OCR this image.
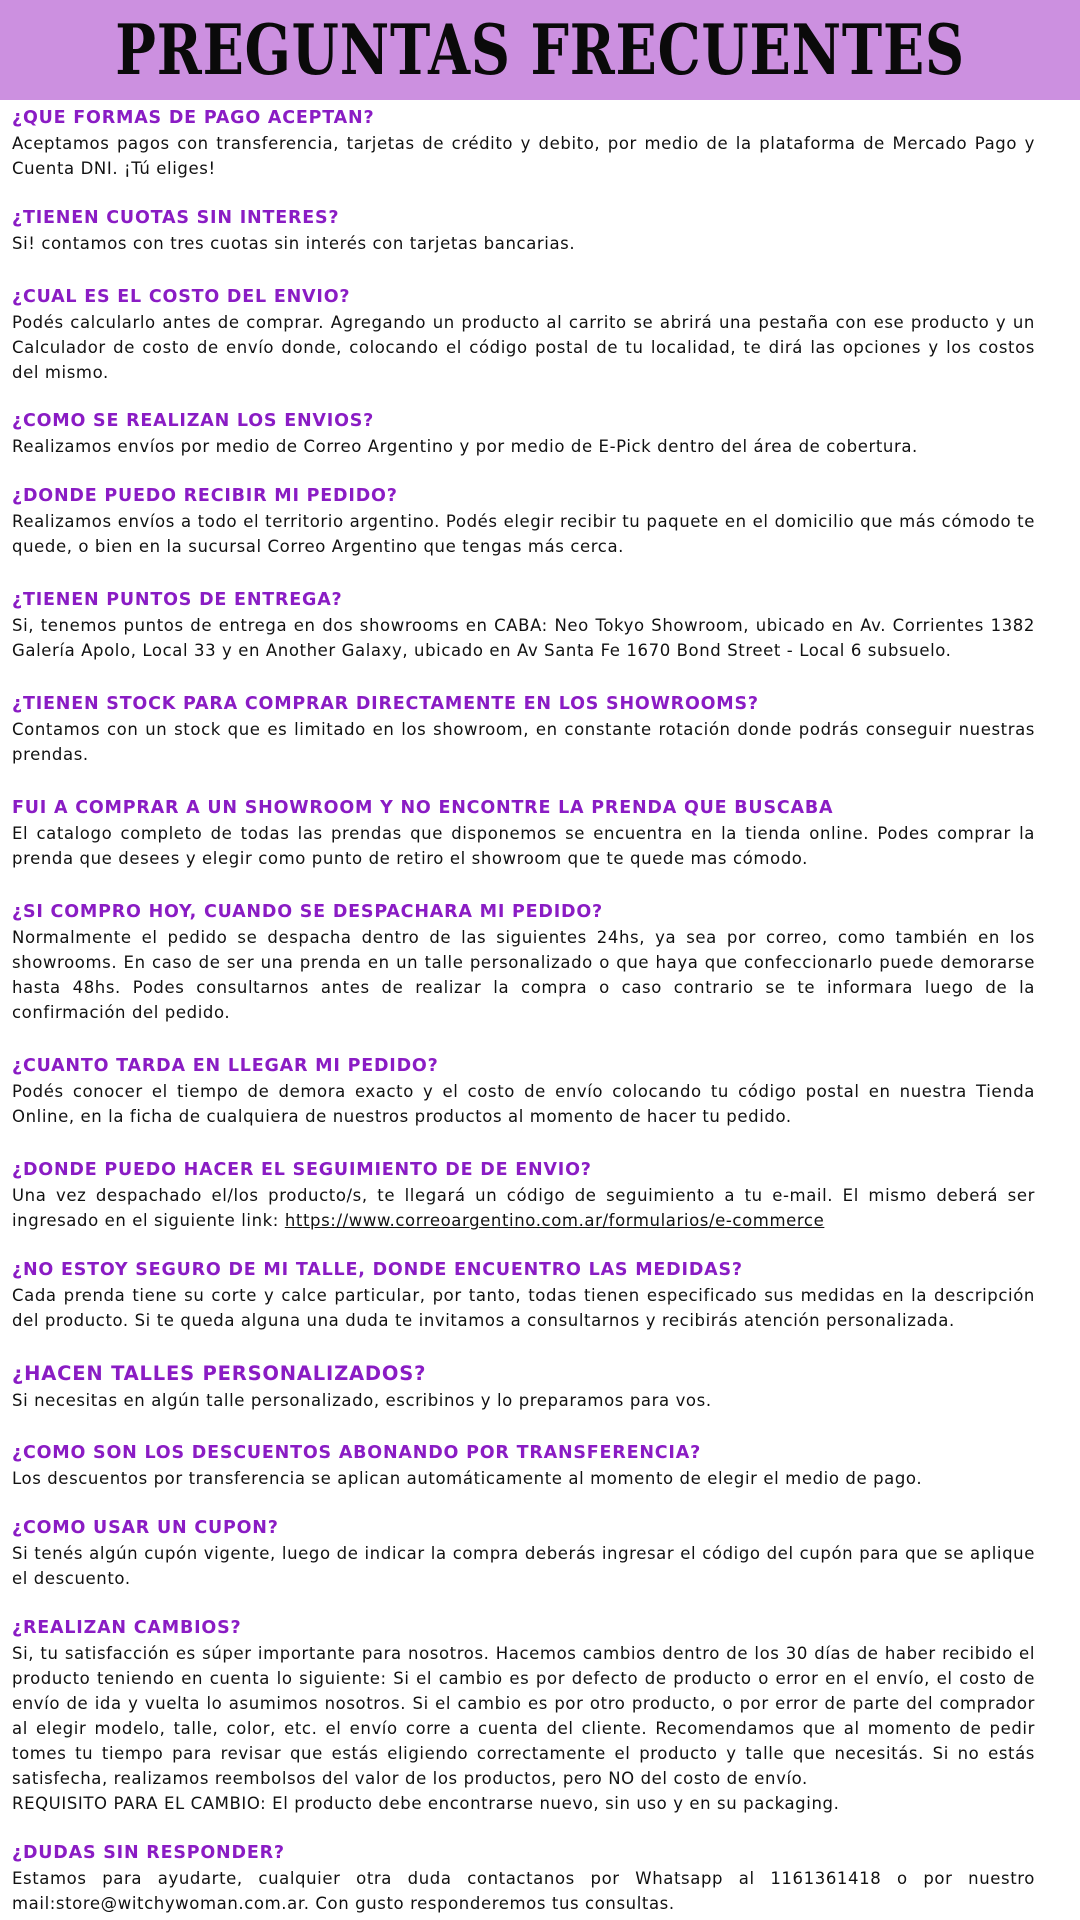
PREGUNTAS FRECUENTES

¿QUE FORMAS DE PAGO ACEPTAN?

Aceptamos pagos con transferencia, tarjetas de crédito y debito, por medio de la plataforma de Mercado Pago y Cuenta DNI. ¡Tú eliges!

¿TIENEN CUOTAS SIN INTERES?

Si! contamos con tres cuotas sin interés con tarjetas bancarias.

¿CUAL ES EL COSTO DEL ENVIO?

Podés calcularlo antes de comprar. Agregando un producto al carrito se abrirá una pestaña con ese producto y un Calculador de costo de envío donde, colocando el código postal de tu localidad, te dirá las opciones y los costos del mismo.

¿COMO SE REALIZAN LOS ENVIOS?

Realizamos envíos por medio de Correo Argentino y por medio de E-Pick dentro del área de cobertura.

¿DONDE PUEDO RECIBIR MI PEDIDO?

Realizamos envíos a todo el territorio argentino. Podés elegir recibir tu paquete en el domicilio que más cómodo te quede, o bien en la sucursal Correo Argentino que tengas más cerca.

¿TIENEN PUNTOS DE ENTREGA?

Si, tenemos puntos de entrega en dos showrooms en CABA: Neo Tokyo Showroom, ubicado en Av. Corrientes 1382 Galería Apolo, Local 33 y en Another Galaxy, ubicado en Av Santa Fe 1670 Bond Street - Local 6 subsuelo.

¿TIENEN STOCK PARA COMPRAR DIRECTAMENTE EN LOS SHOWROOMS?

Contamos con un stock que es limitado en los showroom, en constante rotación donde podrás conseguir nuestras prendas.

FUI A COMPRAR A UN SHOWROOM Y NO ENCONTRE LA PRENDA QUE BUSCABA

El catalogo completo de todas las prendas que disponemos se encuentra en la tienda online. Podes comprar la prenda que desees y elegir como punto de retiro el showroom que te quede mas cómodo.

¿SI COMPRO HOY, CUANDO SE DESPACHARA MI PEDIDO?

Normalmente el pedido se despacha dentro de las siguientes 24hs, ya sea por correo, como también en los showrooms. En caso de ser una prenda en un talle personalizado o que haya que confeccionarlo puede demorarse hasta 48hs. Podes consultarnos antes de realizar la compra o caso contrario se te informara luego de la confirmación del pedido.

¿CUANTO TARDA EN LLEGAR MI PEDIDO?

Podés conocer el tiempo de demora exacto y el costo de envío colocando tu código postal en nuestra Tienda Online, en la ficha de cualquiera de nuestros productos al momento de hacer tu pedido.

¿DONDE PUEDO HACER EL SEGUIMIENTO DE DE ENVIO?

Una vez despachado el/los producto/s, te llegará un código de seguimiento a tu e-mail. El mismo deberá ser ingresado en el siguiente link: https://www.correoargentino.com.ar/formularios/e-commerce

¿NO ESTOY SEGURO DE MI TALLE, DONDE ENCUENTRO LAS MEDIDAS?

Cada prenda tiene su corte y calce particular, por tanto, todas tienen especificado sus medidas en la descripción del producto. Si te queda alguna una duda te invitamos a consultarnos y recibirás atención personalizada.

¿HACEN TALLES PERSONALIZADOS?

Si necesitas en algún talle personalizado, escribinos y lo preparamos para vos.

¿COMO SON LOS DESCUENTOS ABONANDO POR TRANSFERENCIA?

Los descuentos por transferencia se aplican automáticamente al momento de elegir el medio de pago.

¿COMO USAR UN CUPON?

Si tenés algún cupón vigente, luego de indicar la compra deberás ingresar el código del cupón para que se aplique el descuento.

¿REALIZAN CAMBIOS?

Si, tu satisfacción es súper importante para nosotros. Hacemos cambios dentro de los 30 días de haber recibido el producto teniendo en cuenta lo siguiente: Si el cambio es por defecto de producto o error en el envío, el costo de envío de ida y vuelta lo asumimos nosotros. Si el cambio es por otro producto, o por error de parte del comprador al elegir modelo, talle, color, etc. el envío corre a cuenta del cliente. Recomendamos que al momento de pedir tomes tu tiempo para revisar que estás eligiendo correctamente el producto y talle que necesitás. Si no estás satisfecha, realizamos reembolsos del valor de los productos, pero NO del costo de envío.

REQUISITO PARA EL CAMBIO: El producto debe encontrarse nuevo, sin uso y en su packaging.

¿DUDAS SIN RESPONDER?

Estamos para ayudarte, cualquier otra duda contactanos por Whatsapp al 1161361418 o por nuestro mail:store@witchywoman.com.ar. Con gusto responderemos tus consultas.
